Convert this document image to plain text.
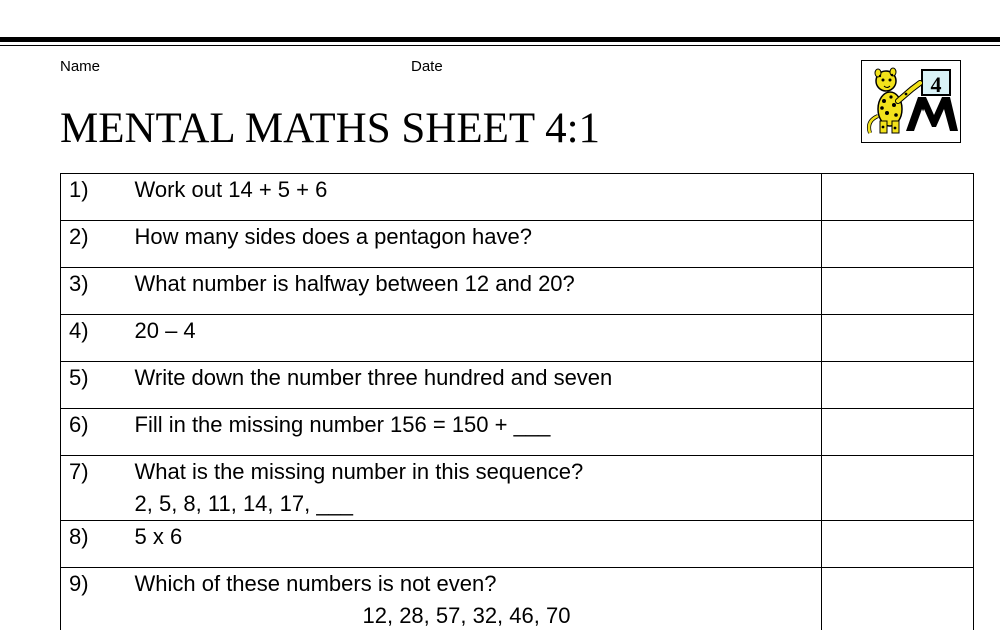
Name	Date
MENTAL MATHS SHEET 4:1
4
1)	Work out 14 + 5 + 6	
2)	How many sides does a pentagon have?	
3)	What number is halfway between 12 and 20?	
4)	20 – 4	
5)	Write down the number three hundred and seven	
6)	Fill in the missing number 156 = 150 + ___	
7)	What is the missing number in this sequence?
2, 5, 8, 11, 14, 17, ___	

8)	5 x 6	
9)	Which of these numbers is not even?
12, 28, 57, 32, 46, 70	
